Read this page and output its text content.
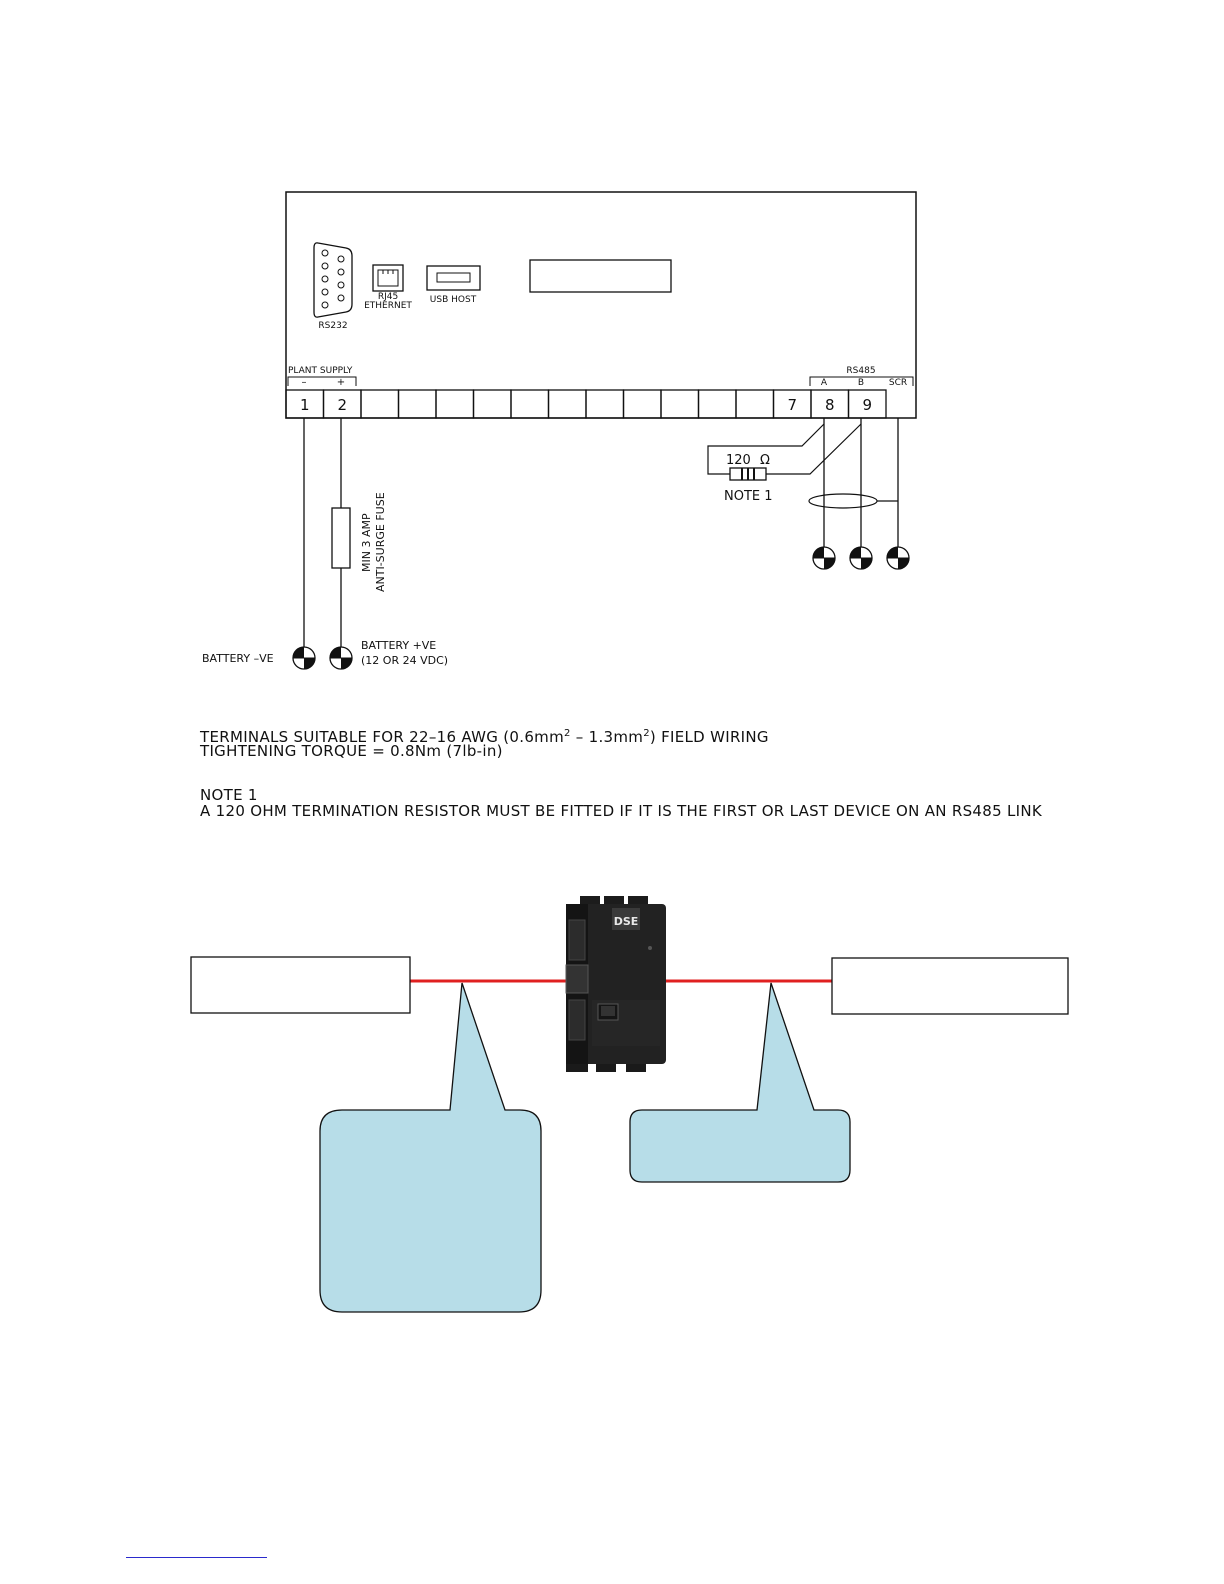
RS232
RJ45
ETHERNET
USB HOST
PLANT SUPPLY
–	+
RS485
A	B	SCR
1 2	7 8 9
MIN 3 AMP ANTI-SURGE FUSE
120 Ω
NOTE 1
BATTERY –VE
BATTERY +VE
(12 OR 24 VDC)
DSE

TERMINALS SUITABLE FOR 22–16 AWG $(0.6mm^2 - 1.3mm^2)$ FIELD WIRING

TIGHTENING TORQUE = 0.8Nm (7lb-in)

NOTE 1

A 120 OHM TERMINATION RESISTOR MUST BE FITTED IF IT IS THE FIRST OR LAST DEVICE ON AN RS485 LINK
